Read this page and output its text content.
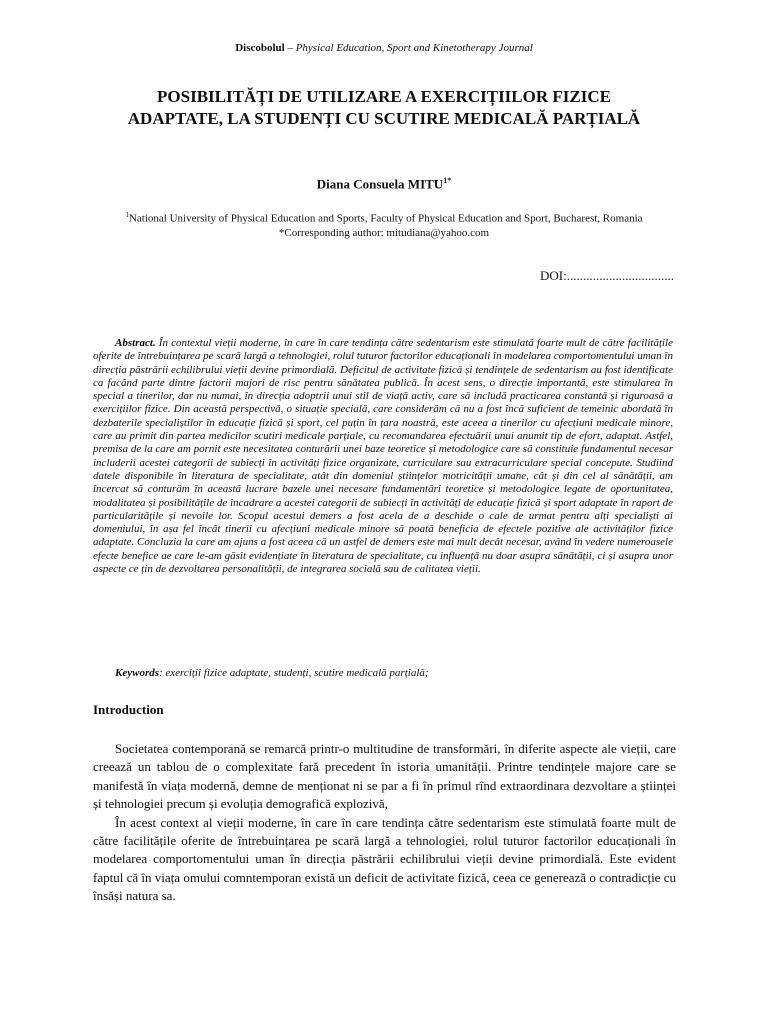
Discobolul – Physical Education, Sport and Kinetotherapy Journal
POSIBILITĂȚI DE UTILIZARE A EXERCIȚIILOR FIZICE
ADAPTATE, LA STUDENȚI CU SCUTIRE MEDICALĂ PARȚIALĂ
Diana Consuela $MITU^{1*}$
$^1$National University of Physical Education and Sports, Faculty of Physical Education and Sport, Bucharest, Romania
*Corresponding author: mitudiana@yahoo.com
DOI:.................................

Abstract. În contextul vieții moderne, în care în care tendința către sedentarism este stimulată foarte mult de către facilitățile oferite de întrebuințarea pe scară largă a tehnologiei, rolul tuturor factorilor educaționali în modelarea comportomentului uman în direcția păstrării echilibrului vieții devine primordială. Deficitul de activitate fizică și tendințele de sedentarism au fost identificate ca facând parte dintre factorii majori de risc pentru sănătatea publică. În acest sens, o direcție importantă, este stimularea în special a tinerilor, dar nu numai, în direcția adoptrii unui stil de viață activ, care să includă practicarea constantă și riguroasă a exercițiilor fizice. Din această perspectivă, o situație specială, care considerăm că nu a fost încă suficient de temeinic abordată în dezbaterile specialiștilor în educație fizică și sport, cel puțin în țara noastră, este aceea a tinerilor cu afecțiuni medicale minore, care au primit din partea medicilor scutiri medicale parțiale, cu recomandarea efectuării unui anumit tip de efort, adaptat. Astfel, premisa de la care am pornit este necesitatea conturării unei baze teoretice și metodologice care să constituie fundamentul necesar includerii acestei categorii de subiecți în activități fizice organizate, curriculare sau extracurriculare special concepute. Studiind datele disponibile în literatura de specialitate, atât din domeniul științelor motricității umane, cât și din cel al sănătății, am încercat să conturăm în această lucrare bazele unei necesare fundamentări teoretice și metodologice legate de oportunitatea, modalitatea și posibilitățile de încadrare a acestei categorii de subiecți în activități de educație fizică și sport adaptate în raport de particularitățile și nevoile lor. Scopul acestui demers a fost acela de a deschide o cale de urmat pentru alți specialiști ai domeniului, în așa fel încât tinerii cu afecțiuni medicale minore să poată beneficia de efectele pozitive ale activităților fizice adaptate. Concluzia la care am ajuns a fost aceea că un astfel de demers este mai mult decât necesar, având în vedere numeroasele efecte benefice ae care le-am găsit evidențiate în literatura de specialitate, cu influență nu doar asupra sănătății, ci și asupra unor aspecte ce țin de dezvoltarea personalității, de integrarea socială sau de calitatea vieții.

Keywords: exerciții fizice adaptate, studenți, scutire medicală parțială;

Introduction

Societatea contemporană se remarcă printr-o multitudine de transformări, în diferite aspecte ale vieții, care creează un tablou de o complexitate fară precedent în istoria umanității. Printre tendințele majore care se manifestă în viața modernă, demne de menționat ni se par a fi în primul rînd extraordinara dezvoltare a științei și tehnologiei precum și evoluția demografică explozivă,

În acest context al vieții moderne, în care în care tendința către sedentarism este stimulată foarte mult de către facilitățile oferite de întrebuințarea pe scară largă a tehnologiei, rolul tuturor factorilor educaționali în modelarea comportomentului uman în direcția păstrării echilibrului vieții devine primordială. Este evident faptul că în viața omului comntemporan există un deficit de activitate fizică, ceea ce generează o contradicție cu însăși natura sa.
